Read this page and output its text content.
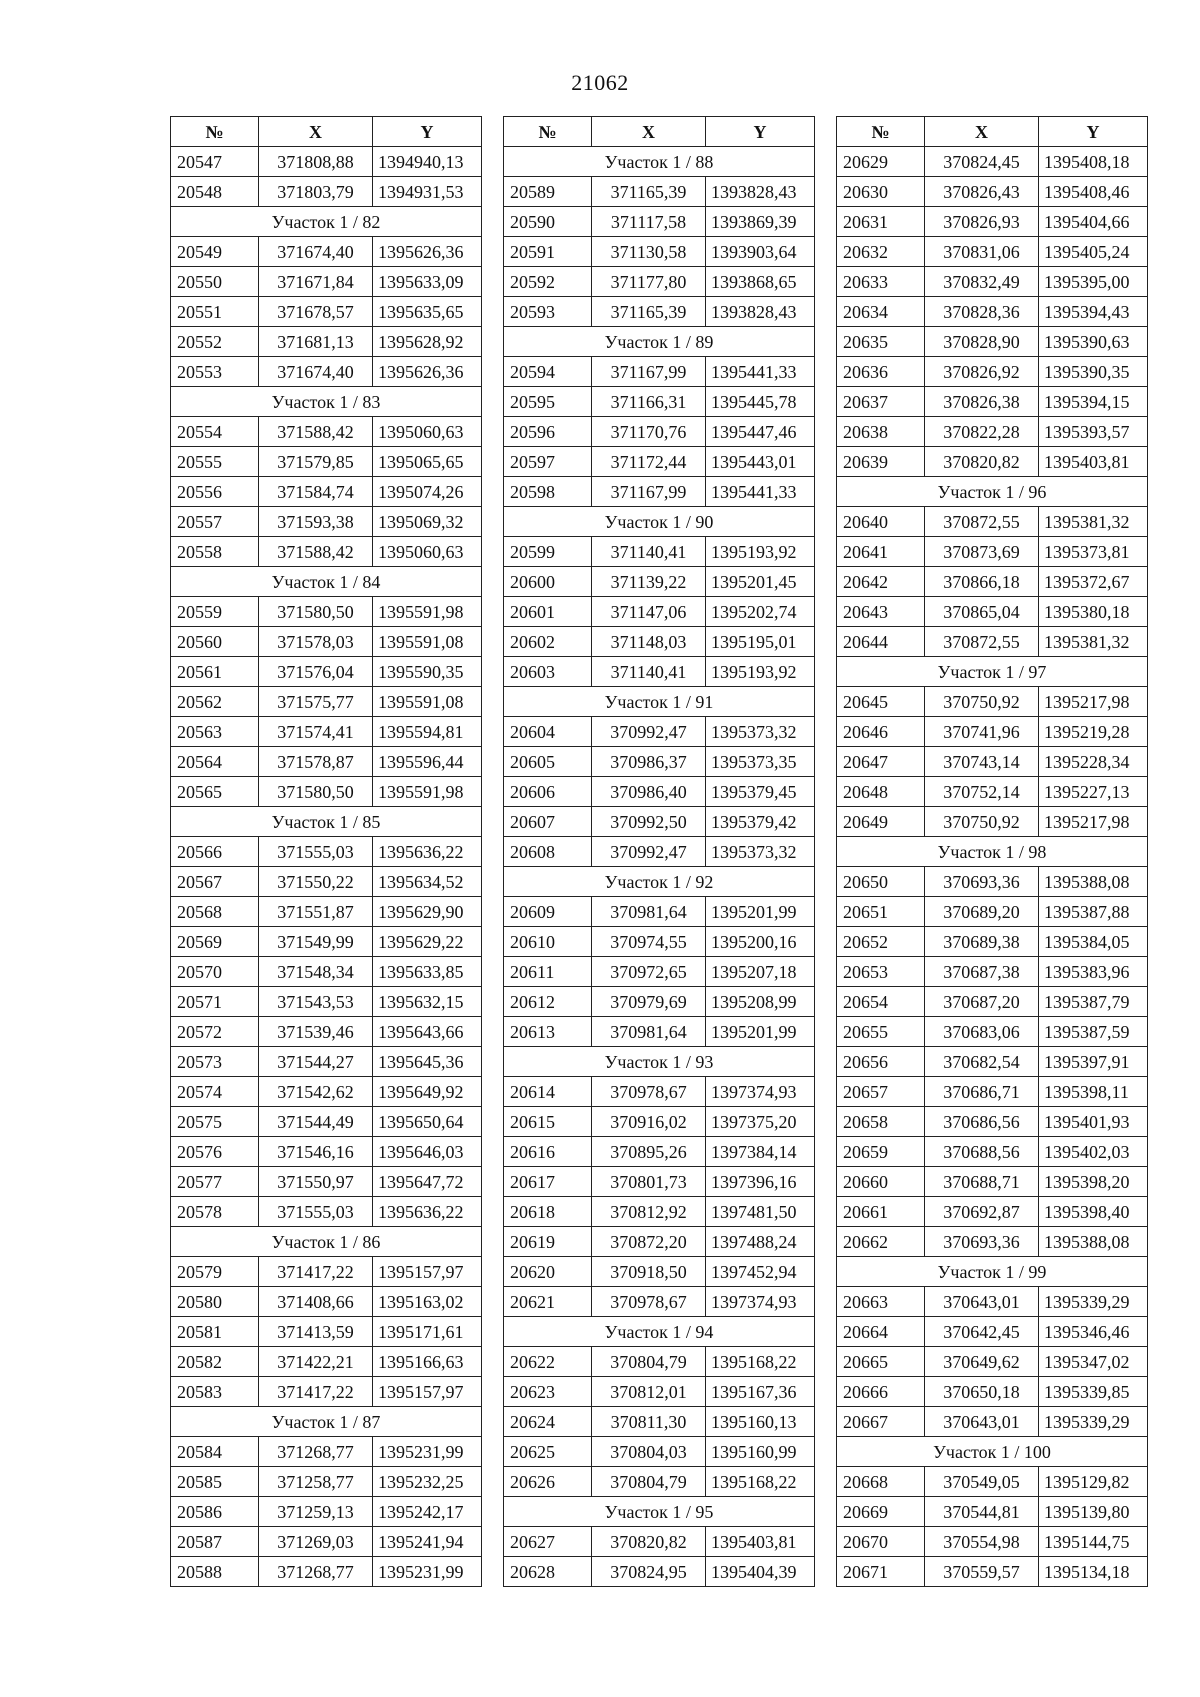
21062
№	X	Y
20547	371808,88	1394940,13
20548	371803,79	1394931,53
Участок 1 / 82		
20549	371674,40	1395626,36
20550	371671,84	1395633,09
20551	371678,57	1395635,65
20552	371681,13	1395628,92
20553	371674,40	1395626,36
Участок 1 / 83		
20554	371588,42	1395060,63
20555	371579,85	1395065,65
20556	371584,74	1395074,26
20557	371593,38	1395069,32
20558	371588,42	1395060,63
Участок 1 / 84		
20559	371580,50	1395591,98
20560	371578,03	1395591,08
20561	371576,04	1395590,35
20562	371575,77	1395591,08
20563	371574,41	1395594,81
20564	371578,87	1395596,44
20565	371580,50	1395591,98
Участок 1 / 85		
20566	371555,03	1395636,22
20567	371550,22	1395634,52
20568	371551,87	1395629,90
20569	371549,99	1395629,22
20570	371548,34	1395633,85
20571	371543,53	1395632,15
20572	371539,46	1395643,66
20573	371544,27	1395645,36
20574	371542,62	1395649,92
20575	371544,49	1395650,64
20576	371546,16	1395646,03
20577	371550,97	1395647,72
20578	371555,03	1395636,22
Участок 1 / 86		
20579	371417,22	1395157,97
20580	371408,66	1395163,02
20581	371413,59	1395171,61
20582	371422,21	1395166,63
20583	371417,22	1395157,97
Участок 1 / 87		
20584	371268,77	1395231,99
20585	371258,77	1395232,25
20586	371259,13	1395242,17
20587	371269,03	1395241,94
20588	371268,77	1395231,99
№	X	Y
Участок 1 / 88		
20589	371165,39	1393828,43
20590	371117,58	1393869,39
20591	371130,58	1393903,64
20592	371177,80	1393868,65
20593	371165,39	1393828,43
Участок 1 / 89		
20594	371167,99	1395441,33
20595	371166,31	1395445,78
20596	371170,76	1395447,46
20597	371172,44	1395443,01
20598	371167,99	1395441,33
Участок 1 / 90		
20599	371140,41	1395193,92
20600	371139,22	1395201,45
20601	371147,06	1395202,74
20602	371148,03	1395195,01
20603	371140,41	1395193,92
Участок 1 / 91		
20604	370992,47	1395373,32
20605	370986,37	1395373,35
20606	370986,40	1395379,45
20607	370992,50	1395379,42
20608	370992,47	1395373,32
Участок 1 / 92		
20609	370981,64	1395201,99
20610	370974,55	1395200,16
20611	370972,65	1395207,18
20612	370979,69	1395208,99
20613	370981,64	1395201,99
Участок 1 / 93		
20614	370978,67	1397374,93
20615	370916,02	1397375,20
20616	370895,26	1397384,14
20617	370801,73	1397396,16
20618	370812,92	1397481,50
20619	370872,20	1397488,24
20620	370918,50	1397452,94
20621	370978,67	1397374,93
Участок 1 / 94		
20622	370804,79	1395168,22
20623	370812,01	1395167,36
20624	370811,30	1395160,13
20625	370804,03	1395160,99
20626	370804,79	1395168,22
Участок 1 / 95		
20627	370820,82	1395403,81
20628	370824,95	1395404,39
№	X	Y
20629	370824,45	1395408,18
20630	370826,43	1395408,46
20631	370826,93	1395404,66
20632	370831,06	1395405,24
20633	370832,49	1395395,00
20634	370828,36	1395394,43
20635	370828,90	1395390,63
20636	370826,92	1395390,35
20637	370826,38	1395394,15
20638	370822,28	1395393,57
20639	370820,82	1395403,81
Участок 1 / 96		
20640	370872,55	1395381,32
20641	370873,69	1395373,81
20642	370866,18	1395372,67
20643	370865,04	1395380,18
20644	370872,55	1395381,32
Участок 1 / 97		
20645	370750,92	1395217,98
20646	370741,96	1395219,28
20647	370743,14	1395228,34
20648	370752,14	1395227,13
20649	370750,92	1395217,98
Участок 1 / 98		
20650	370693,36	1395388,08
20651	370689,20	1395387,88
20652	370689,38	1395384,05
20653	370687,38	1395383,96
20654	370687,20	1395387,79
20655	370683,06	1395387,59
20656	370682,54	1395397,91
20657	370686,71	1395398,11
20658	370686,56	1395401,93
20659	370688,56	1395402,03
20660	370688,71	1395398,20
20661	370692,87	1395398,40
20662	370693,36	1395388,08
Участок 1 / 99		
20663	370643,01	1395339,29
20664	370642,45	1395346,46
20665	370649,62	1395347,02
20666	370650,18	1395339,85
20667	370643,01	1395339,29
Участок 1 / 100		
20668	370549,05	1395129,82
20669	370544,81	1395139,80
20670	370554,98	1395144,75
20671	370559,57	1395134,18
